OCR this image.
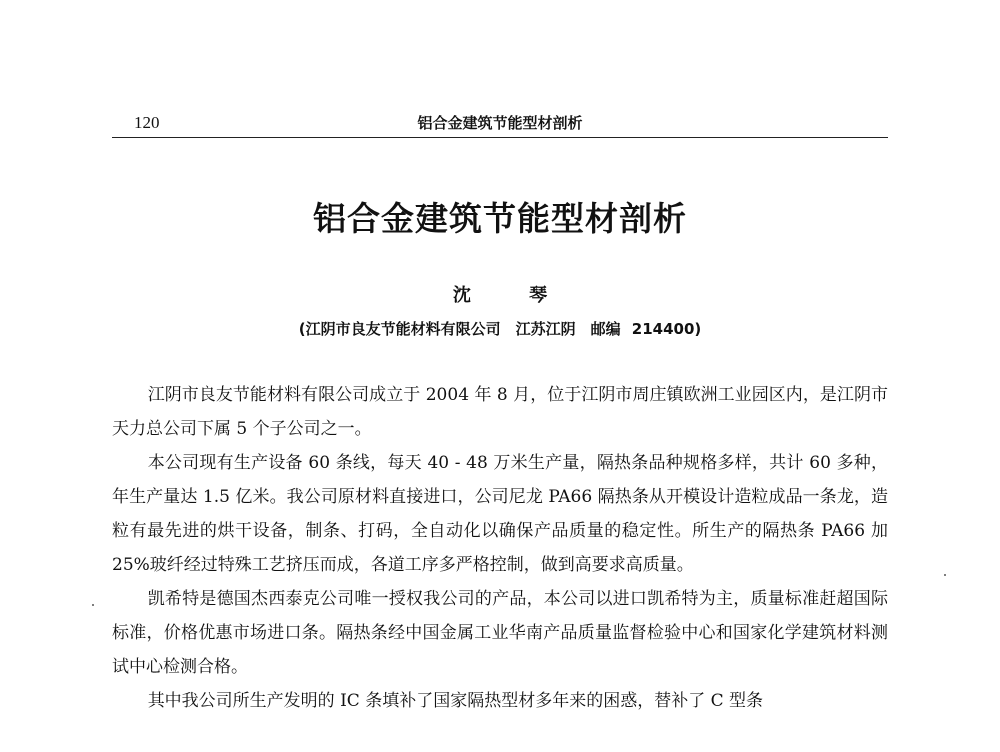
120	铝合金建筑节能型材剖析
铝合金建筑节能型材剖析
沈 琴
(江阴市良友节能材料有限公司　江苏江阴　邮编 214400)

江阴市良友节能材料有限公司成立于 2004 年 8 月，位于江阴市周庄镇欧洲工业园区内，是江阴市天力总公司下属 5 个子公司之一。

本公司现有生产设备 60 条线，每天 40 - 48 万米生产量，隔热条品种规格多样，共计 60 多种，年生产量达 1.5 亿米。我公司原材料直接进口，公司尼龙 PA66 隔热条从开模设计造粒成品一条龙，造粒有最先进的烘干设备，制条、打码，全自动化以确保产品质量的稳定性。所生产的隔热条 PA66 加 25%玻纤经过特殊工艺挤压而成，各道工序多严格控制，做到高要求高质量。

凯希特是德国杰西泰克公司唯一授权我公司的产品，本公司以进口凯希特为主，质量标准赶超国际标准，价格优惠市场进口条。隔热条经中国金属工业华南产品质量监督检验中心和国家化学建筑材料测试中心检测合格。

其中我公司所生产发明的 IC 条填补了国家隔热型材多年来的困惑，替补了 C 型条
